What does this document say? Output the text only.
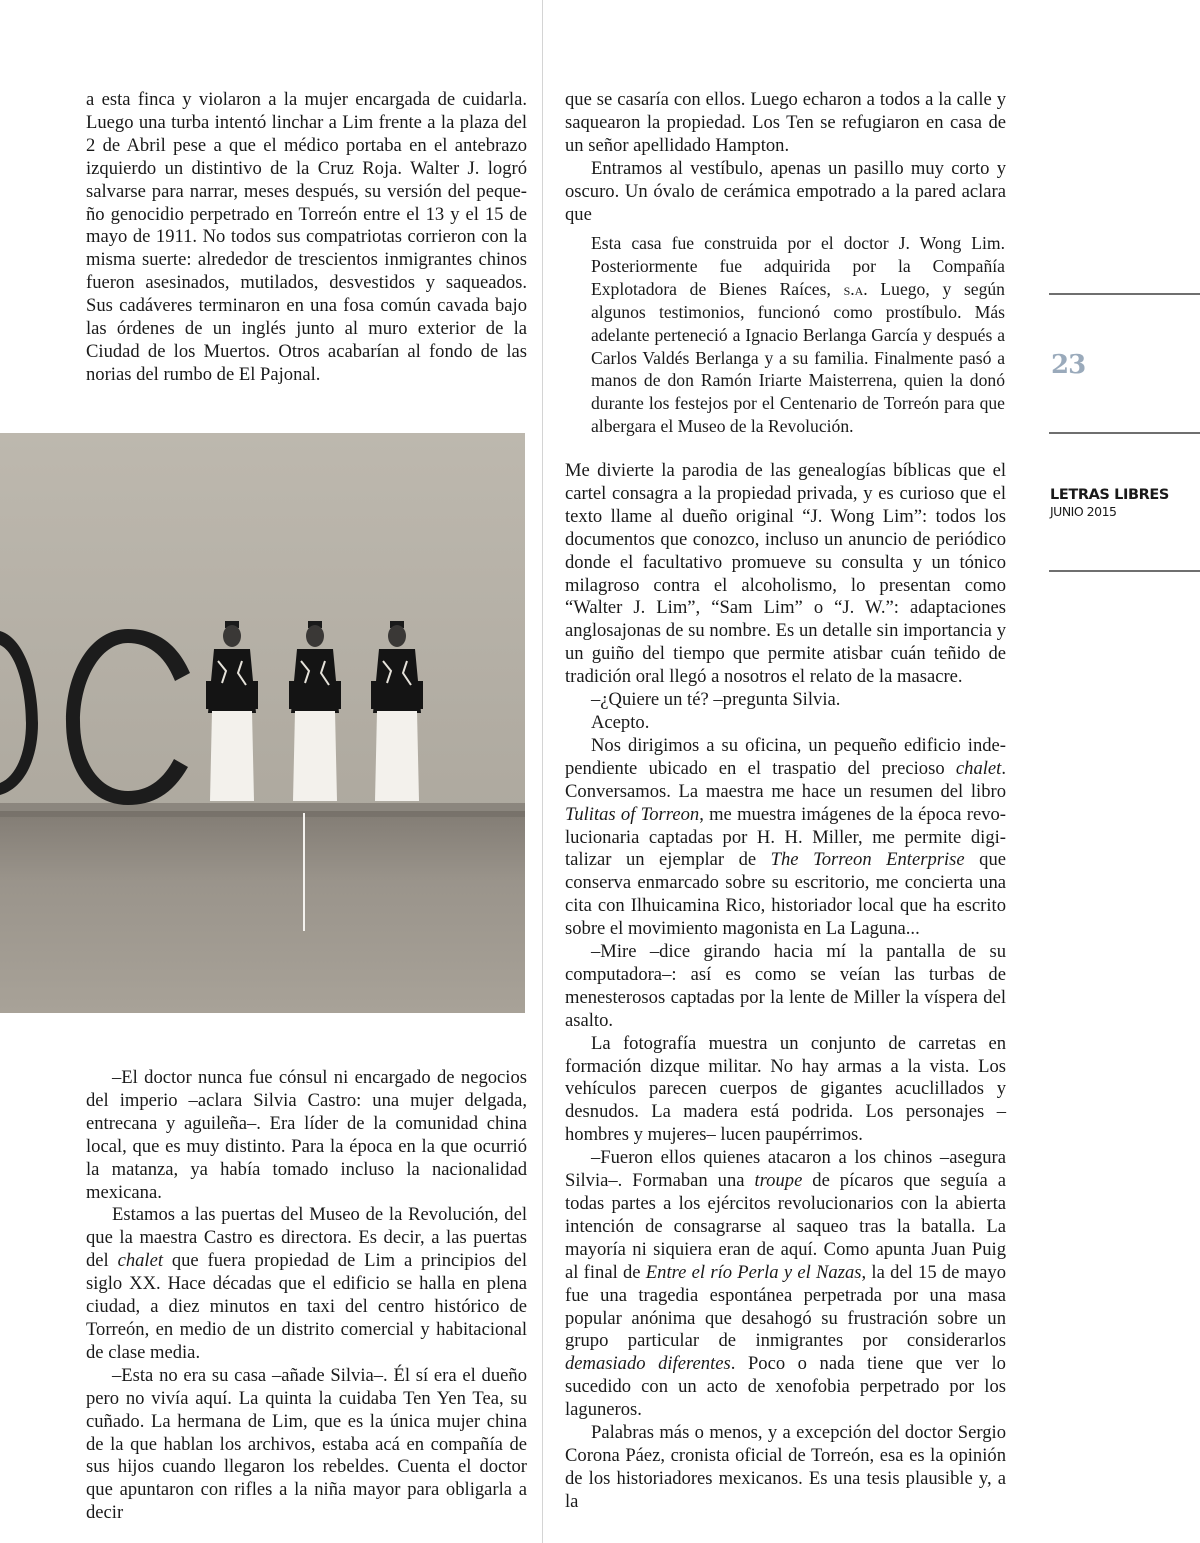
a esta finca y violaron a la mujer encargada de cuidarla. Luego una turba intentó linchar a Lim frente a la plaza del 2 de Abril pese a que el médico portaba en el antebrazo izquierdo un distintivo de la Cruz Roja. Walter J. logró salvarse para narrar, meses después, su versión del pequeño genocidio perpetrado en Torreón entre el 13 y el 15 de mayo de 1911. No todos sus compatriotas corrieron con la misma suerte: alrededor de trescientos inmigrantes chinos fueron asesinados, mutilados, desvestidos y saqueados. Sus cadáveres terminaron en una fosa común cavada bajo las órdenes de un inglés junto al muro exterior de la Ciudad de los Muertos. Otros acabarían al fondo de las norias del rumbo de El Pajonal.

–El doctor nunca fue cónsul ni encargado de negocios del imperio –aclara Silvia Castro: una mujer delgada, entrecana y aguileña–. Era líder de la comunidad china local, que es muy distinto. Para la época en la que ocurrió la matanza, ya había tomado incluso la nacionalidad mexicana.

Estamos a las puertas del Museo de la Revolución, del que la maestra Castro es directora. Es decir, a las puertas del chalet que fuera propiedad de Lim a principios del siglo XX. Hace décadas que el edificio se halla en plena ciudad, a diez minutos en taxi del centro histórico de Torreón, en medio de un distrito comercial y habitacional de clase media.

–Esta no era su casa –añade Silvia–. Él sí era el dueño pero no vivía aquí. La quinta la cuidaba Ten Yen Tea, su cuñado. La hermana de Lim, que es la única mujer china de la que hablan los archivos, estaba acá en compañía de sus hijos cuando llegaron los rebeldes. Cuenta el doctor que apuntaron con rifles a la niña mayor para obligarla a decir

que se casaría con ellos. Luego echaron a todos a la calle y saquearon la propiedad. Los Ten se refugiaron en casa de un señor apellidado Hampton.

Entramos al vestíbulo, apenas un pasillo muy corto y oscuro. Un óvalo de cerámica empotrado a la pared aclara que

Esta casa fue construida por el doctor J. Wong Lim. Posteriormente fue adquirida por la Compañía Explotadora de Bienes Raíces, s.a. Luego, y según algunos testimonios, funcionó como prostíbulo. Más adelante perteneció a Ignacio Berlanga García y después a Carlos Valdés Berlanga y a su familia. Finalmente pasó a manos de don Ramón Iriarte Maisterrena, quien la donó durante los festejos por el Centenario de Torreón para que albergara el Museo de la Revolución.

Me divierte la parodia de las genealogías bíblicas que el cartel consagra a la propiedad privada, y es curioso que el texto llame al dueño original “J. Wong Lim”: todos los documentos que conozco, incluso un anuncio de periódico donde el facultativo promueve su consulta y un tónico milagroso contra el alcoholismo, lo presentan como “Walter J. Lim”, “Sam Lim” o “J. W.”: adaptaciones anglosajonas de su nombre. Es un detalle sin importancia y un guiño del tiempo que permite atisbar cuán teñido de tradición oral llegó a nosotros el relato de la masacre.

–¿Quiere un té? –pregunta Silvia.

Acepto.

Nos dirigimos a su oficina, un pequeño edificio independiente ubicado en el traspatio del precioso chalet. Conversamos. La maestra me hace un resumen del libro Tulitas of Torreon, me muestra imágenes de la época revolucionaria captadas por H. H. Miller, me permite digitalizar un ejemplar de The Torreon Enterprise que conserva enmarcado sobre su escritorio, me concierta una cita con Ilhuicamina Rico, historiador local que ha escrito sobre el movimiento magonista en La Laguna...

–Mire –dice girando hacia mí la pantalla de su computadora–: así es como se veían las turbas de menesterosos captadas por la lente de Miller la víspera del asalto.

La fotografía muestra un conjunto de carretas en formación dizque militar. No hay armas a la vista. Los vehículos parecen cuerpos de gigantes acuclillados y desnudos. La madera está podrida. Los personajes –hombres y mujeres– lucen paupérrimos.

–Fueron ellos quienes atacaron a los chinos –asegura Silvia–. Formaban una troupe de pícaros que seguía a todas partes a los ejércitos revolucionarios con la abierta intención de consagrarse al saqueo tras la batalla. La mayoría ni siquiera eran de aquí. Como apunta Juan Puig al final de Entre el río Perla y el Nazas, la del 15 de mayo fue una tragedia espontánea perpetrada por una masa popular anónima que desahogó su frustración sobre un grupo particular de inmigrantes por considerarlos demasiado diferentes. Poco o nada tiene que ver lo sucedido con un acto de xenofobia perpetrado por los laguneros.

Palabras más o menos, y a excepción del doctor Sergio Corona Páez, cronista oficial de Torreón, esa es la opinión de los historiadores mexicanos. Es una tesis plausible y, a la

23
LETRAS LIBRES
JUNIO 2015
